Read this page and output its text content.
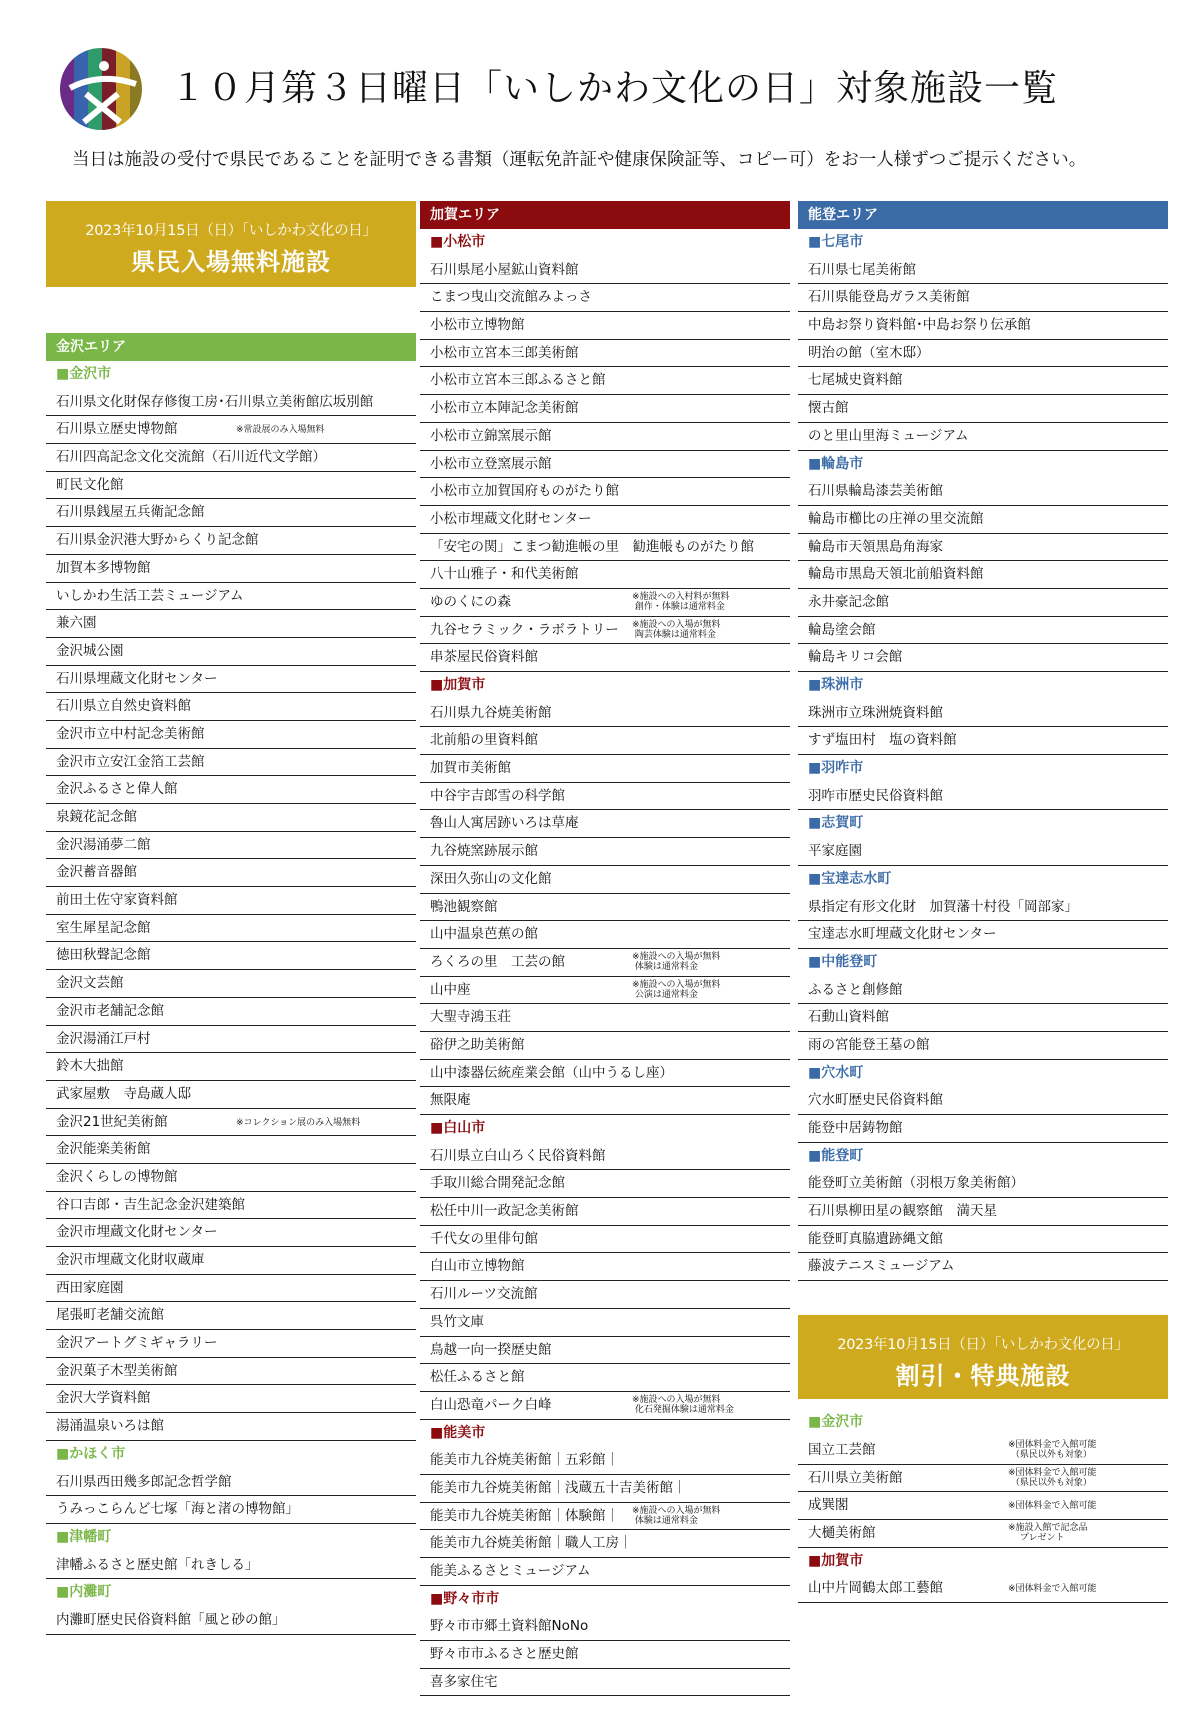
１０月第３日曜日「いしかわ文化の日」対象施設一覧
当日は施設の受付で県民であることを証明できる書類（運転免許証や健康保険証等、コピー可）をお一人様ずつご提示ください。
2023年10月15日（日）「いしかわ文化の日」
県民入場無料施設
金沢エリア
■金沢市
石川県文化財保存修復工房･石川県立美術館広坂別館
石川県立歴史博物館	※常設展のみ入場無料
石川四高記念文化交流館（石川近代文学館）
町民文化館
石川県銭屋五兵衛記念館
石川県金沢港大野からくり記念館
加賀本多博物館
いしかわ生活工芸ミュージアム
兼六園
金沢城公園
石川県埋蔵文化財センター
石川県立自然史資料館
金沢市立中村記念美術館
金沢市立安江金箔工芸館
金沢ふるさと偉人館
泉鏡花記念館
金沢湯涌夢二館
金沢蓄音器館
前田土佐守家資料館
室生犀星記念館
徳田秋聲記念館
金沢文芸館
金沢市老舗記念館
金沢湯涌江戸村
鈴木大拙館
武家屋敷　寺島蔵人邸
金沢21世紀美術館	※コレクション展のみ入場無料
金沢能楽美術館
金沢くらしの博物館
谷口吉郎・吉生記念金沢建築館
金沢市埋蔵文化財センター
金沢市埋蔵文化財収蔵庫
西田家庭園
尾張町老舗交流館
金沢アートグミギャラリー
金沢菓子木型美術館
金沢大学資料館
湯涌温泉いろは館
■かほく市
石川県西田幾多郎記念哲学館
うみっこらんど七塚「海と渚の博物館」
■津幡町
津幡ふるさと歴史館「れきしる」
■内灘町
内灘町歴史民俗資料館「風と砂の館」
加賀エリア
■小松市
石川県尾小屋鉱山資料館
こまつ曳山交流館みよっさ
小松市立博物館
小松市立宮本三郎美術館
小松市立宮本三郎ふるさと館
小松市立本陣記念美術館
小松市立錦窯展示館
小松市立登窯展示館
小松市立加賀国府ものがたり館
小松市埋蔵文化財センター
「安宅の関」こまつ勧進帳の里　勧進帳ものがたり館
八十山雅子・和代美術館
ゆのくにの森	※施設への入村料が無料
創作・体験は通常料金
九谷セラミック・ラボラトリー ※施設への入場が無料
陶芸体験は通常料金
串茶屋民俗資料館
■加賀市
石川県九谷焼美術館
北前船の里資料館
加賀市美術館
中谷宇吉郎雪の科学館
魯山人寓居跡いろは草庵
九谷焼窯跡展示館
深田久弥山の文化館
鴨池観察館
山中温泉芭蕉の館
ろくろの里　工芸の館	※施設への入場が無料
体験は通常料金
山中座	※施設への入場が無料
公演は通常料金
大聖寺鴻玉荘
硲伊之助美術館
山中漆器伝統産業会館（山中うるし座）
無限庵
■白山市
石川県立白山ろく民俗資料館
手取川総合開発記念館
松任中川一政記念美術館
千代女の里俳句館
白山市立博物館
石川ルーツ交流館
呉竹文庫
鳥越一向一揆歴史館
松任ふるさと館
白山恐竜パーク白峰	※施設への入場が無料
化石発掘体験は通常料金
■能美市
能美市九谷焼美術館｜五彩館｜
能美市九谷焼美術館｜浅蔵五十吉美術館｜
能美市九谷焼美術館｜体験館｜ ※施設への入場が無料
体験は通常料金
能美市九谷焼美術館｜職人工房｜
能美ふるさとミュージアム
■野々市市
野々市市郷土資料館NoNo
野々市市ふるさと歴史館
喜多家住宅
能登エリア
■七尾市
石川県七尾美術館
石川県能登島ガラス美術館
中島お祭り資料館･中島お祭り伝承館
明治の館（室木邸）
七尾城史資料館
懐古館
のと里山里海ミュージアム
■輪島市
石川県輪島漆芸美術館
輪島市櫛比の庄禅の里交流館
輪島市天領黒島角海家
輪島市黒島天領北前船資料館
永井豪記念館
輪島塗会館
輪島キリコ会館
■珠洲市
珠洲市立珠洲焼資料館
すず塩田村　塩の資料館
■羽咋市
羽咋市歴史民俗資料館
■志賀町
平家庭園
■宝達志水町
県指定有形文化財　加賀藩十村役「岡部家」
宝達志水町埋蔵文化財センター
■中能登町
ふるさと創修館
石動山資料館
雨の宮能登王墓の館
■穴水町
穴水町歴史民俗資料館
能登中居鋳物館
■能登町
能登町立美術館（羽根万象美術館）
石川県柳田星の観察館　満天星
能登町真脇遺跡縄文館
藤波テニスミュージアム
2023年10月15日（日）「いしかわ文化の日」
割引・特典施設
■金沢市
国立工芸館	※団体料金で入館可能
（県民以外も対象）
石川県立美術館	※団体料金で入館可能
（県民以外も対象）
成巽閣	※団体料金で入館可能
大樋美術館	※施設入館で記念品
　プレゼント
■加賀市
山中片岡鶴太郎工藝館	※団体料金で入館可能
